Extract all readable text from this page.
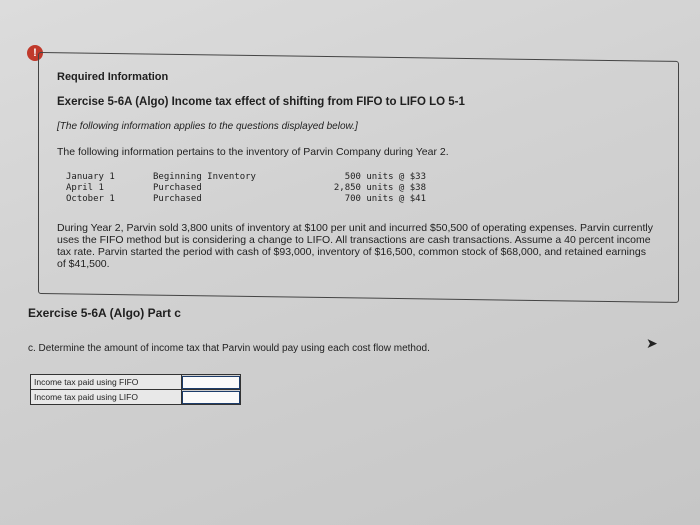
!
Required Information
Exercise 5-6A (Algo) Income tax effect of shifting from FIFO to LIFO LO 5-1
[The following information applies to the questions displayed below.]
The following information pertains to the inventory of Parvin Company during Year 2.
January 1	Beginning Inventory	500 units @ $33
April 1	Purchased	2,850 units @ $38
October 1	Purchased	700 units @ $41
During Year 2, Parvin sold 3,800 units of inventory at $100 per unit and incurred $50,500 of operating expenses. Parvin currently uses the FIFO method but is considering a change to LIFO. All transactions are cash transactions. Assume a 40 percent income tax rate. Parvin started the period with cash of $93,000, inventory of $16,500, common stock of $68,000, and retained earnings of $41,500.
Exercise 5-6A (Algo) Part c
c. Determine the amount of income tax that Parvin would pay using each cost flow method.	➤
Income tax paid using FIFO	
Income tax paid using LIFO	
